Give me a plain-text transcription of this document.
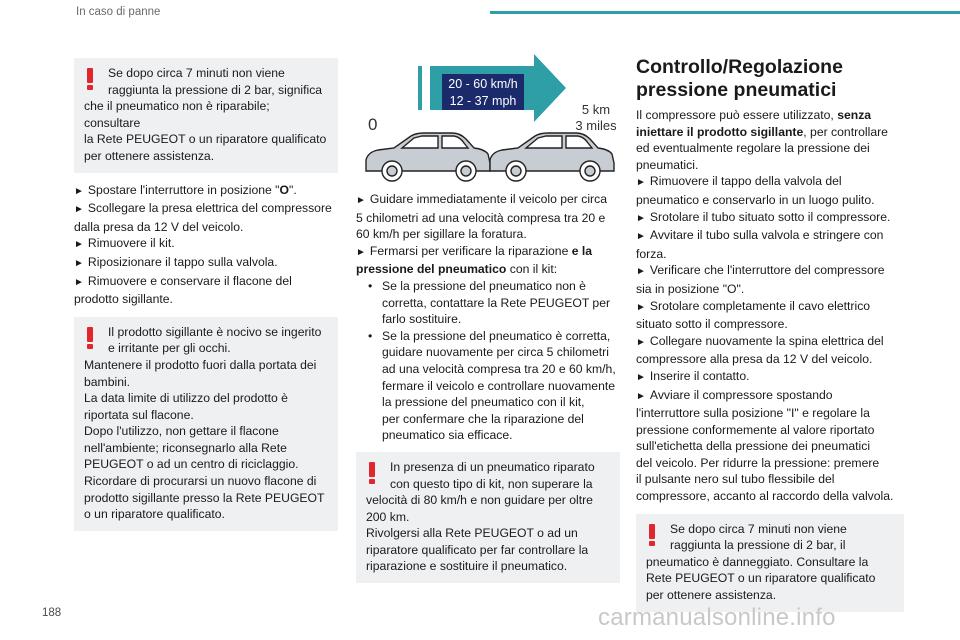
In caso di panne
Se dopo circa 7 minuti non viene
raggiunta la pressione di 2 bar, significa
che il pneumatico non è riparabile; consultare
la Rete PEUGEOT o un riparatore qualificato
per ottenere assistenza.
► Spostare l'interruttore in posizione "O".
► Scollegare la presa elettrica del compressore
dalla presa da 12 V del veicolo.
► Rimuovere il kit.
► Riposizionare il tappo sulla valvola.
► Rimuovere e conservare il flacone del
prodotto sigillante.
Il prodotto sigillante è nocivo se ingerito
e irritante per gli occhi.
Mantenere il prodotto fuori dalla portata dei
bambini.
La data limite di utilizzo del prodotto è
riportata sul flacone.
Dopo l'utilizzo, non gettare il flacone
nell'ambiente; riconsegnarlo alla Rete
PEUGEOT o ad un centro di riciclaggio.
Ricordare di procurarsi un nuovo flacone di
prodotto sigillante presso la Rete PEUGEOT
o un riparatore qualificato.
20 - 60 km/h
12 - 37 mph
0
5 km
3 miles
► Guidare immediatamente il veicolo per circa
5 chilometri ad una velocità compresa tra 20 e
60 km/h per sigillare la foratura.
► Fermarsi per verificare la riparazione e la
pressione del pneumatico con il kit:
• Se la pressione del pneumatico non è
corretta, contattare la Rete PEUGEOT per
farlo sostituire.
• Se la pressione del pneumatico è corretta,
guidare nuovamente per circa 5 chilometri
ad una velocità compresa tra 20 e 60 km/h,
fermare il veicolo e controllare nuovamente
la pressione del pneumatico con il kit,
per confermare che la riparazione del
pneumatico sia efficace.
In presenza di un pneumatico riparato
con questo tipo di kit, non superare la
velocità di 80 km/h e non guidare per oltre
200 km.
Rivolgersi alla Rete PEUGEOT o ad un
riparatore qualificato per far controllare la
riparazione e sostituire il pneumatico.
Controllo/Regolazione
pressione pneumatici
Il compressore può essere utilizzato, senza
iniettare il prodotto sigillante, per controllare
ed eventualmente regolare la pressione dei
pneumatici.
► Rimuovere il tappo della valvola del
pneumatico e conservarlo in un luogo pulito.
► Srotolare il tubo situato sotto il compressore.
► Avvitare il tubo sulla valvola e stringere con
forza.
► Verificare che l'interruttore del compressore
sia in posizione "O".
► Srotolare completamente il cavo elettrico
situato sotto il compressore.
► Collegare nuovamente la spina elettrica del
compressore alla presa da 12 V del veicolo.
► Inserire il contatto.
► Avviare il compressore spostando
l'interruttore sulla posizione "I" e regolare la
pressione conformemente al valore riportato
sull'etichetta della pressione dei pneumatici
del veicolo. Per ridurre la pressione: premere
il pulsante nero sul tubo flessibile del
compressore, accanto al raccordo della valvola.
Se dopo circa 7 minuti non viene
raggiunta la pressione di 2 bar, il
pneumatico è danneggiato. Consultare la
Rete PEUGEOT o un riparatore qualificato
per ottenere assistenza.
188	carmanualsonline.info
